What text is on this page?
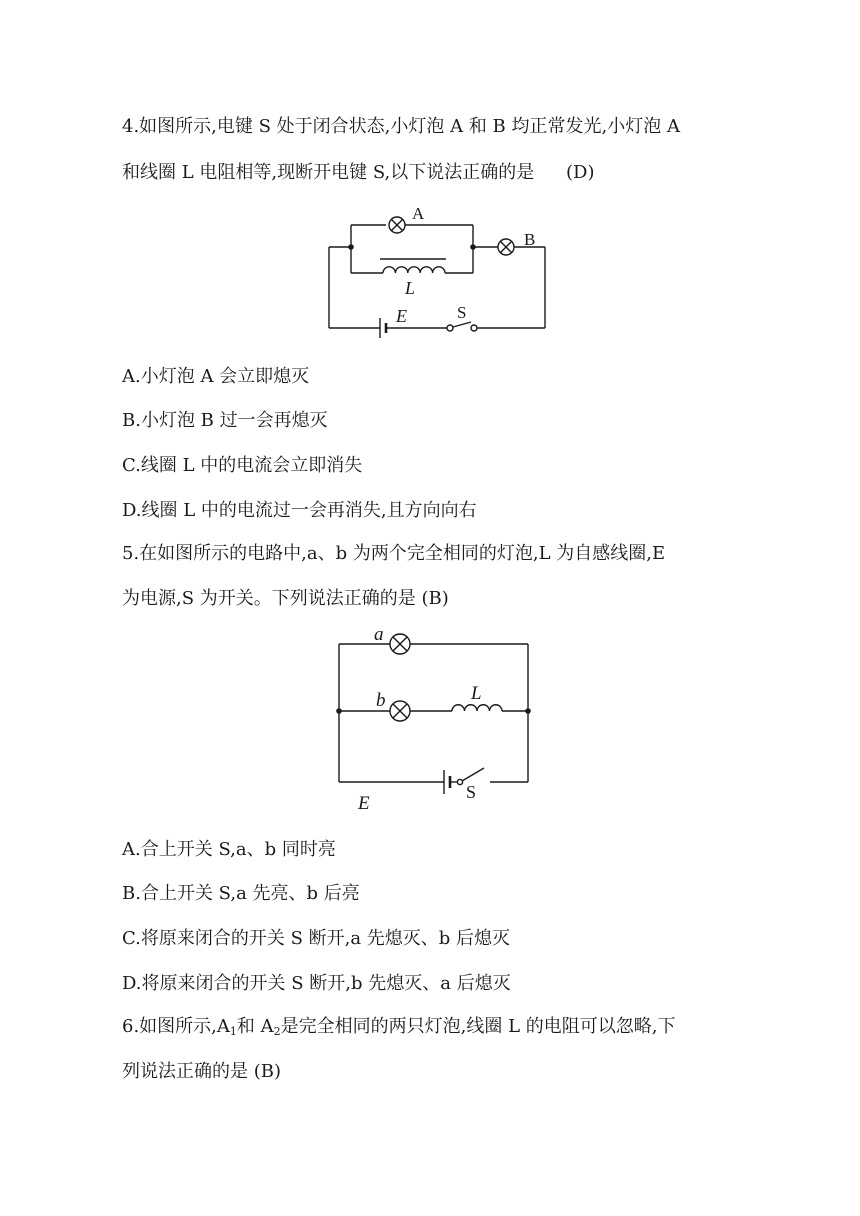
4.如图所示,电键 S 处于闭合状态,小灯泡 A 和 B 均正常发光,小灯泡 A
和线圈 L 电阻相等,现断开电键 S,以下说法正确的是 (D)
A
B
L
E	S
A.小灯泡 A 会立即熄灭
B.小灯泡 B 过一会再熄灭
C.线圈 L 中的电流会立即消失
D.线圈 L 中的电流过一会再消失,且方向向右
5.在如图所示的电路中,a、b 为两个完全相同的灯泡,L 为自感线圈,E
为电源,S 为开关。下列说法正确的是 (B)
a
b	L
E
S
A.合上开关 S,a、b 同时亮
B.合上开关 S,a 先亮、b 后亮
C.将原来闭合的开关 S 断开,a 先熄灭、b 后熄灭
D.将原来闭合的开关 S 断开,b 先熄灭、a 后熄灭
6.如图所示$,A_1$和 $A_2$是完全相同的两只灯泡,线圈 L 的电阻可以忽略,下
列说法正确的是 (B)
